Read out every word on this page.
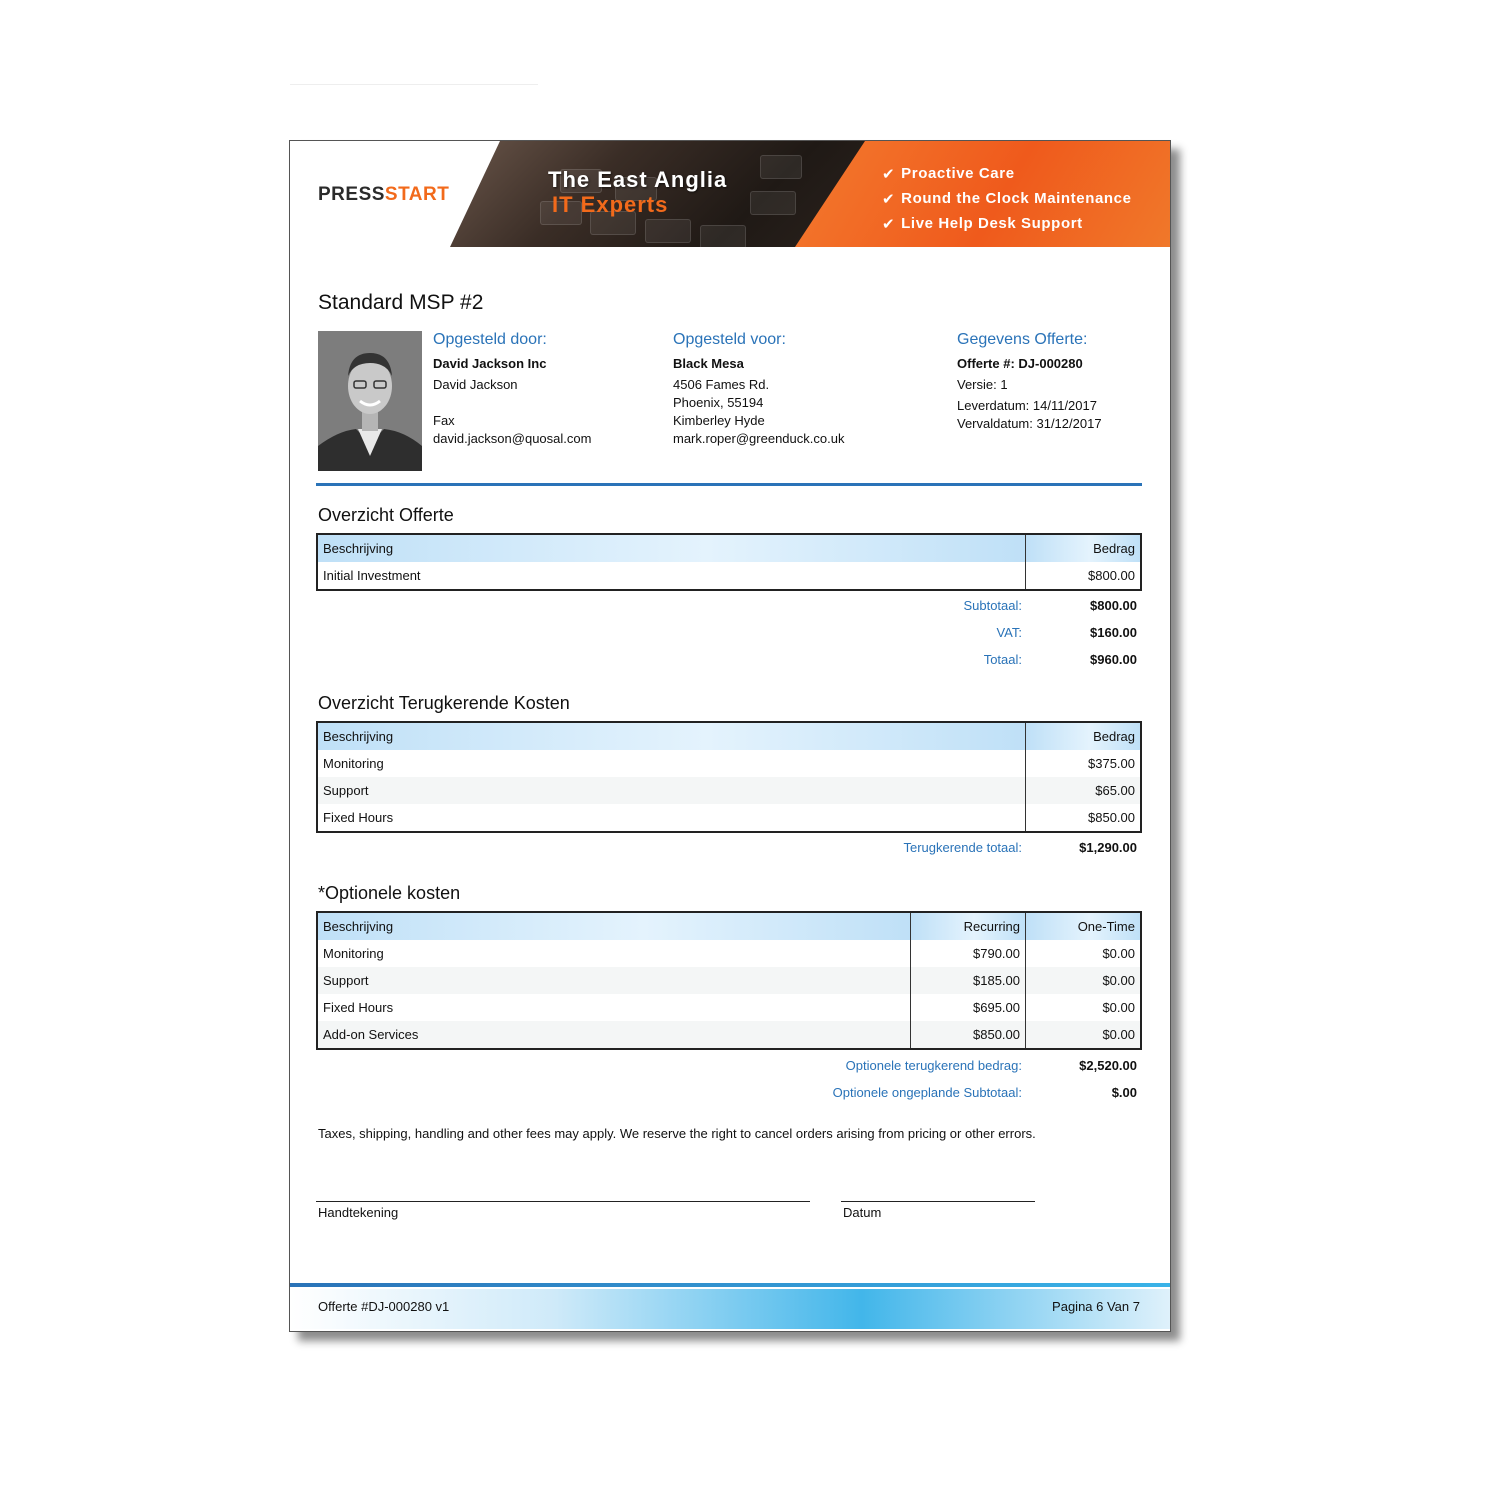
PRESSSTART
The East Anglia
IT Experts
✔ Proactive Care
✔ Round the Clock Maintenance
✔ Live Help Desk Support
Standard MSP #2
Opgesteld door:
David Jackson Inc
David Jackson
Fax
david.jackson@quosal.com
Opgesteld voor:
Black Mesa
4506 Fames Rd.
Phoenix, 55194
Kimberley Hyde
mark.roper@greenduck.co.uk
Gegevens Offerte:
Offerte #: DJ-000280
Versie: 1
Leverdatum: 14/11/2017
Vervaldatum: 31/12/2017
Overzicht Offerte
Beschrijving	Bedrag
Initial Investment	$800.00
Subtotaal:	$800.00
VAT:	$160.00
Totaal:	$960.00
Overzicht Terugkerende Kosten
Beschrijving	Bedrag
Monitoring	$375.00
Support	$65.00
Fixed Hours	$850.00
Terugkerende totaal:	$1,290.00
*Optionele kosten
Beschrijving	Recurring	One-Time
Monitoring	$790.00	$0.00
Support	$185.00	$0.00
Fixed Hours	$695.00	$0.00
Add-on Services	$850.00	$0.00
Optionele terugkerend bedrag:	$2,520.00
Optionele ongeplande Subtotaal:	$.00
Taxes, shipping, handling and other fees may apply. We reserve the right to cancel orders arising from pricing or other errors.
Handtekening	Datum
Offerte #DJ-000280 v1	Pagina 6 Van 7
